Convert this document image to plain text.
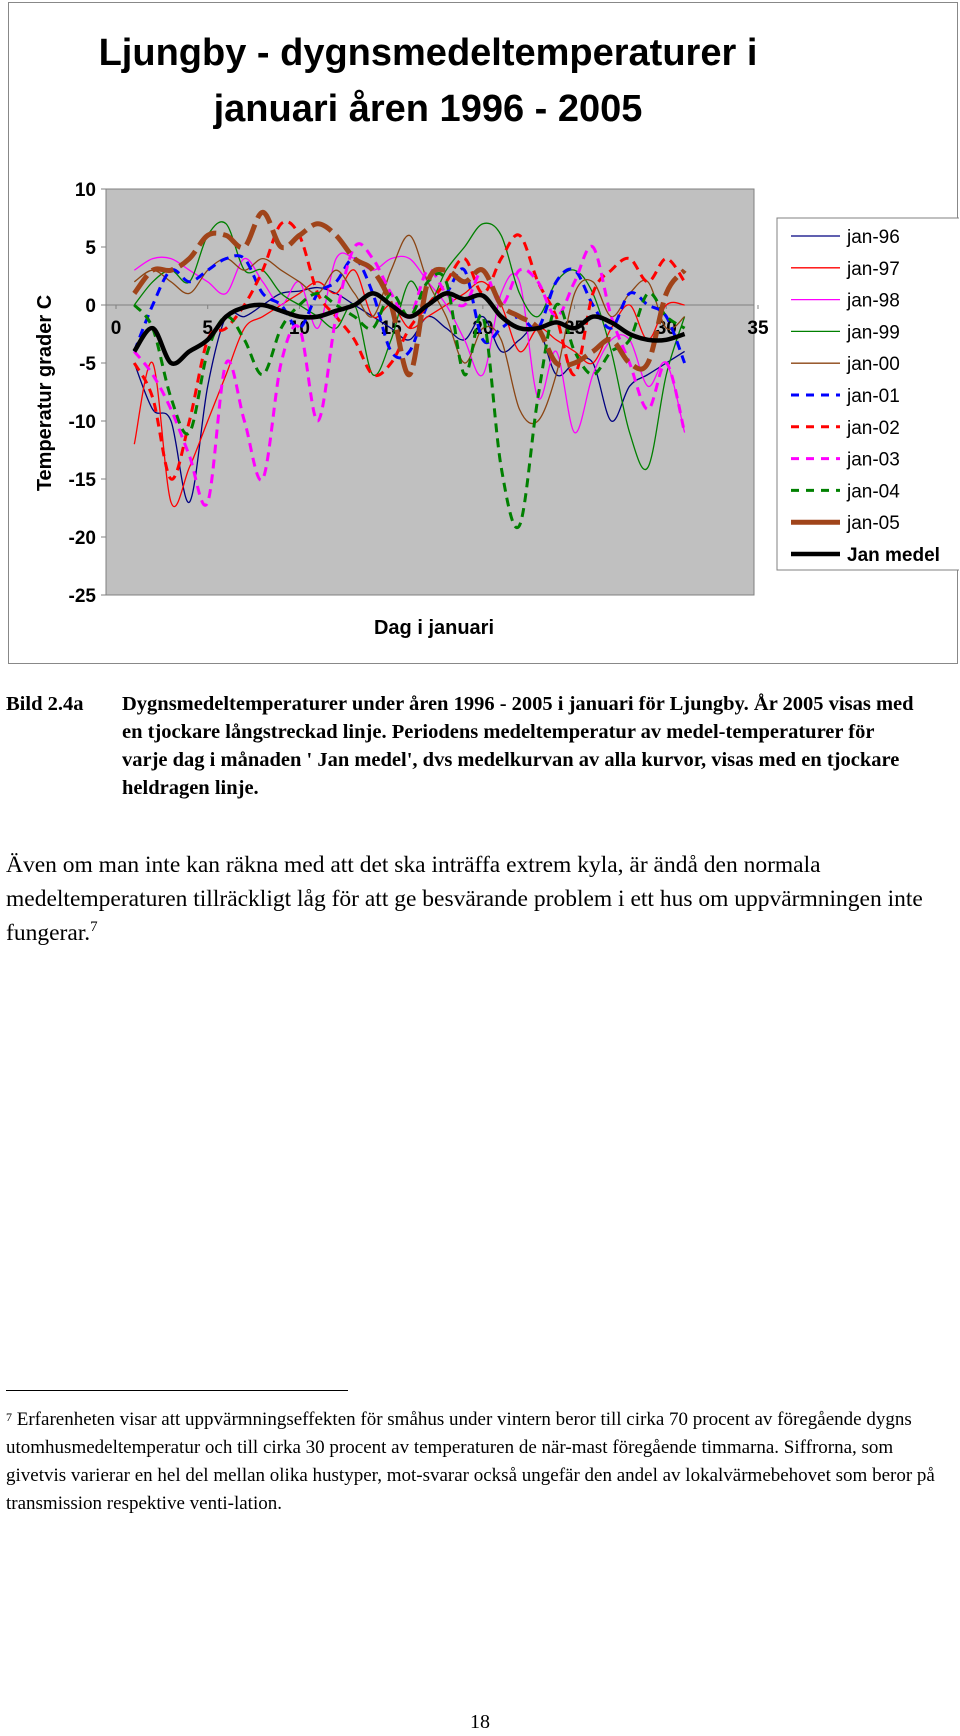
Ljungby - dygnsmedeltemperaturer i
januari åren 1996 - 2005
10
5
0
-5
-10
-15
-20
-25
0	5	10	15	20	25	30	35
Temperatur grader C
Dag i januari
jan-96
jan-97
jan-98
jan-99
jan-00
jan-01
jan-02
jan-03
jan-04
jan-05
Jan medel
Bild 2.4a Dygnsmedeltemperaturer under åren 1996 - 2005 i januari för Ljungby. År 2005 visas med en tjockare långstreckad linje. Periodens medeltemperatur av medel-temperaturer för varje dag i månaden ' Jan medel', dvs medelkurvan av alla kurvor, visas med en tjockare heldragen linje.
Även om man inte kan räkna med att det ska inträffa extrem kyla, är ändå den normala medeltemperaturen tillräckligt låg för att ge besvärande problem i ett hus om uppvärmningen inte fungerar.$^7$
$^7$ Erfarenheten visar att uppvärmningseffekten för småhus under vintern beror till cirka 70 procent av föregående dygns utomhusmedeltemperatur och till cirka 30 procent av temperaturen de när-mast föregående timmarna. Siffrorna, som givetvis varierar en hel del mellan olika hustyper, mot-svarar också ungefär den andel av lokalvärmebehovet som beror på transmission respektive venti-lation.
18
